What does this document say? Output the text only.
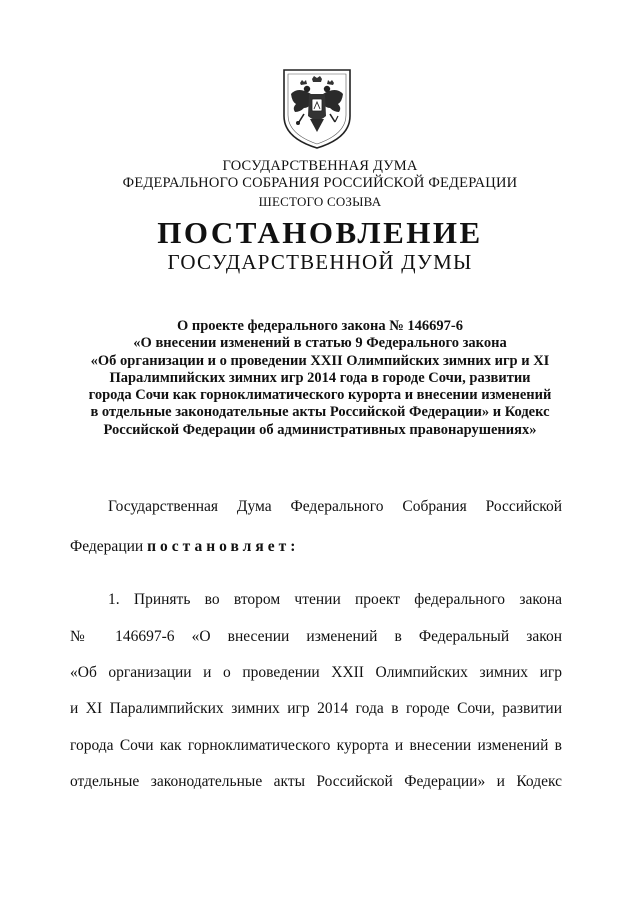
ГОСУДАРСТВЕННАЯ ДУМА
ФЕДЕРАЛЬНОГО СОБРАНИЯ РОССИЙСКОЙ ФЕДЕРАЦИИ
ШЕСТОГО СОЗЫВА
ПОСТАНОВЛЕНИЕ
ГОСУДАРСТВЕННОЙ ДУМЫ
О проекте федерального закона № 146697-6
«О внесении изменений в статью 9 Федерального закона
«Об организации и о проведении XXII Олимпийских зимних игр и XI
Паралимпийских зимних игр 2014 года в городе Сочи, развитии
города Сочи как горноклиматического курорта и внесении изменений
в отдельные законодательные акты Российской Федерации» и Кодекс
Российской Федерации об административных правонарушениях»
Государственная Дума Федерального Собрания Российской
Федерации постановляет:
1. Принять во втором чтении проект федерального закона
№ 146697-6 «О внесении изменений в Федеральный закон
«Об организации и о проведении XXII Олимпийских зимних игр
и XI Паралимпийских зимних игр 2014 года в городе Сочи, развитии
города Сочи как горноклиматического курорта и внесении изменений в
отдельные законодательные акты Российской Федерации» и Кодекс
